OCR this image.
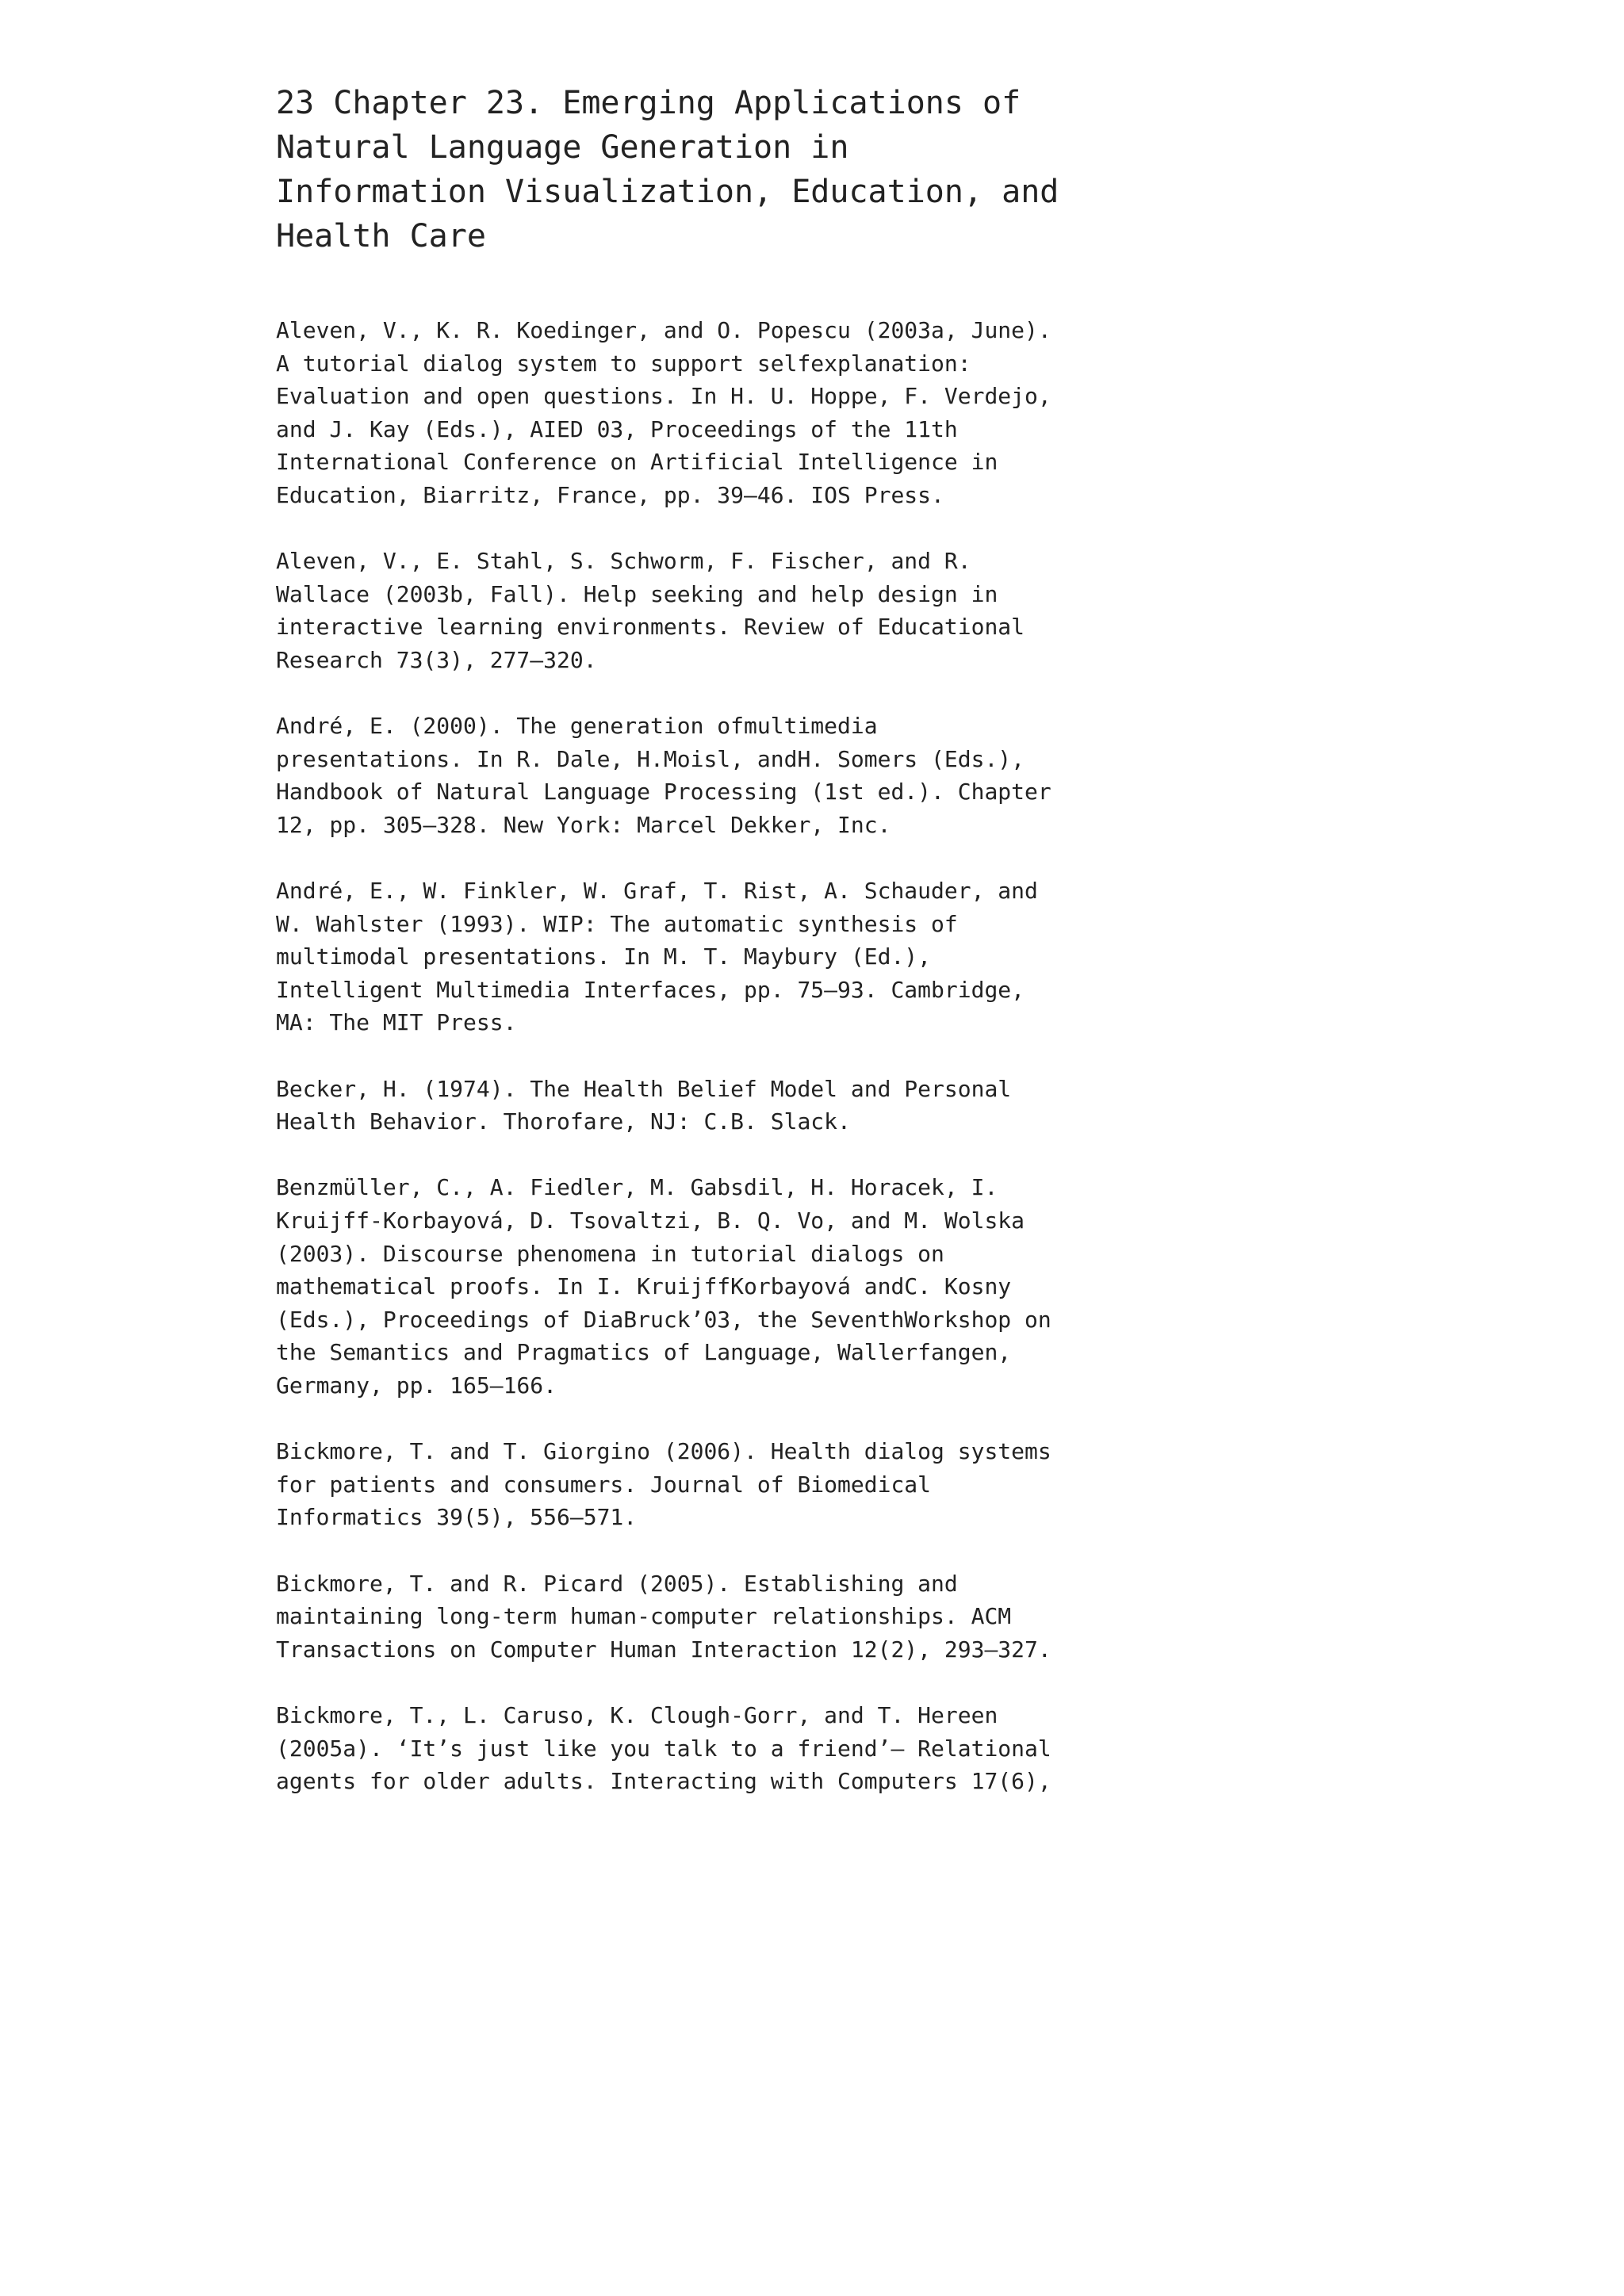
23 Chapter 23. Emerging Applications of
Natural Language Generation in
Information Visualization, Education, and
Health Care
Aleven, V., K. R. Koedinger, and O. Popescu (2003a, June).
A tutorial dialog system to support selfexplanation:
Evaluation and open questions. In H. U. Hoppe, F. Verdejo,
and J. Kay (Eds.), AIED 03, Proceedings of the 11th
International Conference on Artificial Intelligence in
Education, Biarritz, France, pp. 39–46. IOS Press.
Aleven, V., E. Stahl, S. Schworm, F. Fischer, and R.
Wallace (2003b, Fall). Help seeking and help design in
interactive learning environments. Review of Educational
Research 73(3), 277–320.
André, E. (2000). The generation ofmultimedia
presentations. In R. Dale, H.Moisl, andH. Somers (Eds.),
Handbook of Natural Language Processing (1st ed.). Chapter
12, pp. 305–328. New York: Marcel Dekker, Inc.
André, E., W. Finkler, W. Graf, T. Rist, A. Schauder, and
W. Wahlster (1993). WIP: The automatic synthesis of
multimodal presentations. In M. T. Maybury (Ed.),
Intelligent Multimedia Interfaces, pp. 75–93. Cambridge,
MA: The MIT Press.
Becker, H. (1974). The Health Belief Model and Personal
Health Behavior. Thorofare, NJ: C.B. Slack.
Benzmüller, C., A. Fiedler, M. Gabsdil, H. Horacek, I.
Kruijff-Korbayová, D. Tsovaltzi, B. Q. Vo, and M. Wolska
(2003). Discourse phenomena in tutorial dialogs on
mathematical proofs. In I. KruijffKorbayová andC. Kosny
(Eds.), Proceedings of DiaBruck’03, the SeventhWorkshop on
the Semantics and Pragmatics of Language, Wallerfangen,
Germany, pp. 165–166.
Bickmore, T. and T. Giorgino (2006). Health dialog systems
for patients and consumers. Journal of Biomedical
Informatics 39(5), 556–571.
Bickmore, T. and R. Picard (2005). Establishing and
maintaining long-term human-computer relationships. ACM
Transactions on Computer Human Interaction 12(2), 293–327.
Bickmore, T., L. Caruso, K. Clough-Gorr, and T. Hereen
(2005a). ‘It’s just like you talk to a friend’— Relational
agents for older adults. Interacting with Computers 17(6),
